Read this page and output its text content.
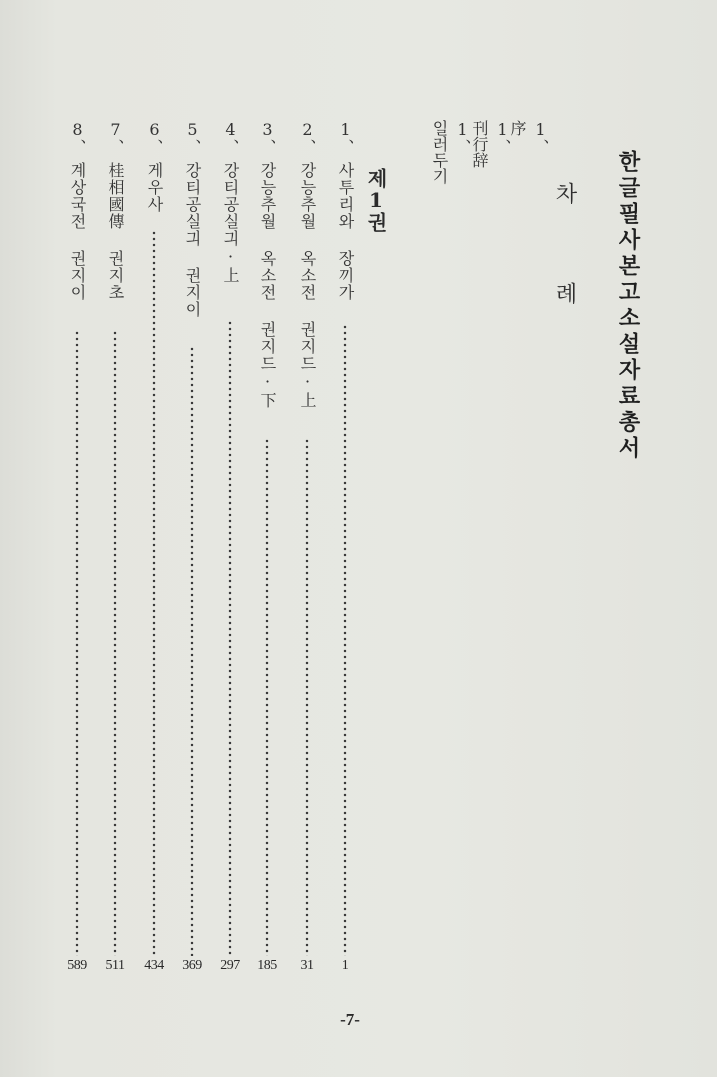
한글필사본고소설자료총서
차
례
1、
序
1、
刊行辞
1、
일러두기
제1권
1、
사투리와 장끼가
1
2、
강능추월 옥소전 권지드·上
31
3、
강능추월 옥소전 권지드·下
185
4、
강티공실긔·上
297
5、
강티공실긔 권지이
369
6、
게우사
434
7、
桂相國傳 권지초
511
8、
계상국전 권지이
589
-7-
